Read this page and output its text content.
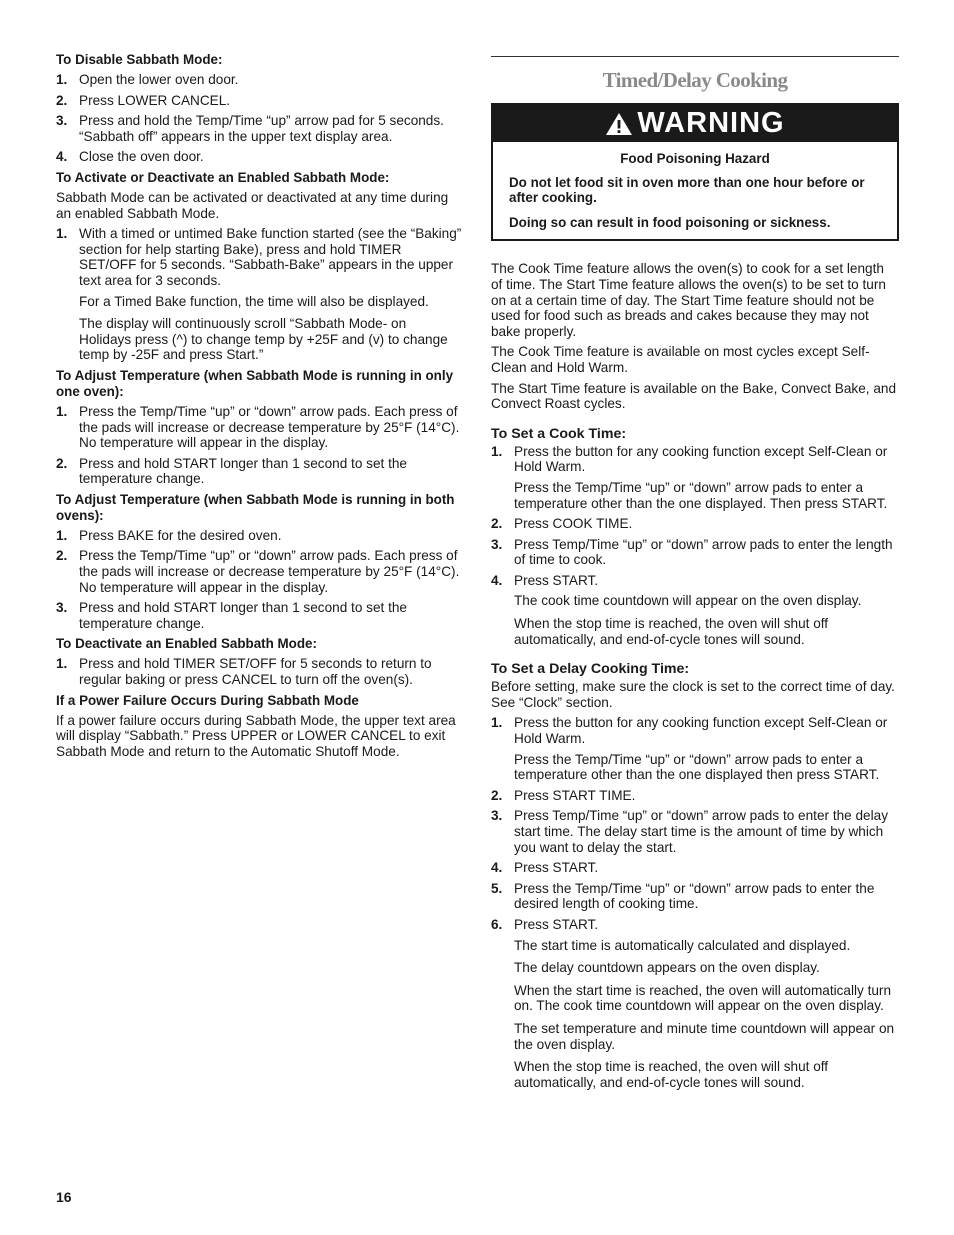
To Disable Sabbath Mode:
1. Open the lower oven door.
2. Press LOWER CANCEL.
3. Press and hold the Temp/Time “up” arrow pad for 5 seconds. “Sabbath off” appears in the upper text display area.
4. Close the oven door.
To Activate or Deactivate an Enabled Sabbath Mode:

Sabbath Mode can be activated or deactivated at any time during an enabled Sabbath Mode.

1. With a timed or untimed Bake function started (see the “Baking” section for help starting Bake), press and hold TIMER SET/OFF for 5 seconds. “Sabbath-Bake” appears in the upper text area for 3 seconds.

For a Timed Bake function, the time will also be displayed.

The display will continuously scroll “Sabbath Mode- on Holidays press (^) to change temp by +25F and (v) to change temp by -25F and press Start.”

To Adjust Temperature (when Sabbath Mode is running in only one oven):
1. Press the Temp/Time “up” or “down” arrow pads. Each press of the pads will increase or decrease temperature by 25°F (14°C). No temperature will appear in the display.
2. Press and hold START longer than 1 second to set the temperature change.
To Adjust Temperature (when Sabbath Mode is running in both ovens):
1. Press BAKE for the desired oven.
2. Press the Temp/Time “up” or “down” arrow pads. Each press of the pads will increase or decrease temperature by 25°F (14°C). No temperature will appear in the display.
3. Press and hold START longer than 1 second to set the temperature change.
To Deactivate an Enabled Sabbath Mode:
1. Press and hold TIMER SET/OFF for 5 seconds to return to regular baking or press CANCEL to turn off the oven(s).
If a Power Failure Occurs During Sabbath Mode

If a power failure occurs during Sabbath Mode, the upper text area will display “Sabbath.” Press UPPER or LOWER CANCEL to exit Sabbath Mode and return to the Automatic Shutoff Mode.

Timed/Delay Cooking
WARNING
Food Poisoning Hazard

Do not let food sit in oven more than one hour before or after cooking.

Doing so can result in food poisoning or sickness.

The Cook Time feature allows the oven(s) to cook for a set length of time. The Start Time feature allows the oven(s) to be set to turn on at a certain time of day. The Start Time feature should not be used for food such as breads and cakes because they may not bake properly.

The Cook Time feature is available on most cycles except Self-Clean and Hold Warm.

The Start Time feature is available on the Bake, Convect Bake, and Convect Roast cycles.

To Set a Cook Time:
1. Press the button for any cooking function except Self-Clean or Hold Warm.

Press the Temp/Time “up” or “down” arrow pads to enter a temperature other than the one displayed. Then press START.

2. Press COOK TIME.
3. Press Temp/Time “up” or “down” arrow pads to enter the length of time to cook.
4. Press START.

The cook time countdown will appear on the oven display.

When the stop time is reached, the oven will shut off automatically, and end-of-cycle tones will sound.

To Set a Delay Cooking Time:

Before setting, make sure the clock is set to the correct time of day. See “Clock” section.

1. Press the button for any cooking function except Self-Clean or Hold Warm.

Press the Temp/Time “up” or “down” arrow pads to enter a temperature other than the one displayed then press START.

2. Press START TIME.
3. Press Temp/Time “up” or “down” arrow pads to enter the delay start time. The delay start time is the amount of time by which you want to delay the start.
4. Press START.
5. Press the Temp/Time “up” or “down” arrow pads to enter the desired length of cooking time.
6. Press START.

The start time is automatically calculated and displayed.

The delay countdown appears on the oven display.

When the start time is reached, the oven will automatically turn on. The cook time countdown will appear on the oven display.

The set temperature and minute time countdown will appear on the oven display.

When the stop time is reached, the oven will shut off automatically, and end-of-cycle tones will sound.

16
